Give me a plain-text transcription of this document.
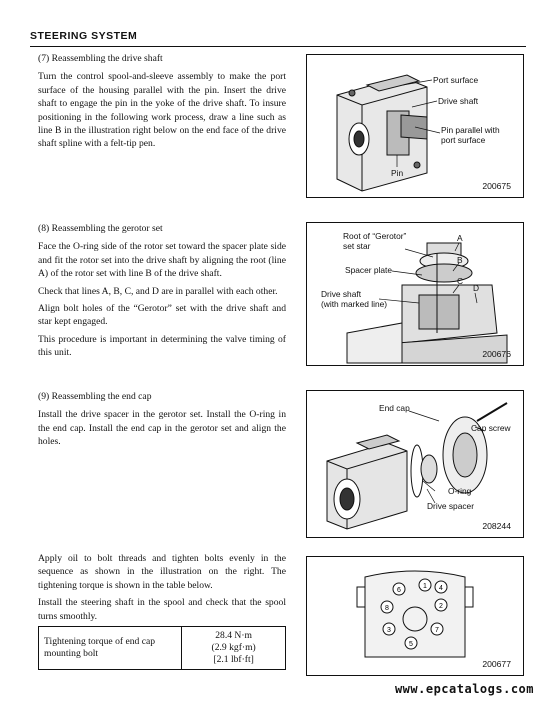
STEERING SYSTEM

(7) Reassembling the drive shaft

Turn the control spool-and-sleeve assembly to make the port surface of the housing parallel with the pin. Insert the drive shaft to engage the pin in the yoke of the drive shaft. To insure positioning in the following work process, draw a line such as line B in the illustration right below on the end face of the drive shaft spline with a felt-tip pen.

Port surface
Drive shaft
Pin parallel with
port surface
Pin
200675

(8) Reassembling the gerotor set

Face the O-ring side of the rotor set toward the spacer plate side and fit the rotor set into the drive shaft by aligning the root (line A) of the rotor set with line B of the drive shaft.

Check that lines A, B, C, and D are in parallel with each other.

Align bolt holes of the “Gerotor” set with the drive shaft and star kept engaged.

This procedure is important in determining the valve timing of this unit.

Root of “Gerotor”
set star
A
Spacer plate
B
C
Drive shaft
(with marked line)
D
200676

(9) Reassembling the end cap

Install the drive spacer in the gerotor set. Install the O-ring in the end cap. Install the end cap in the gerotor set and align the holes.

End cap
Cap screw
O-ring
Drive spacer
208244

Apply oil to bolt threads and tighten bolts evenly in the sequence as shown in the illustration on the right. The tightening torque is shown in the table below.

Install the steering shaft in the spool and check that the spool turns smoothly.

Tightening torque of end cap mounting bolt	
28.4 N·m
(2.9 kgf·m)
[2.1 lbf·ft]
1
2
3
4
5
6
7
8
200677
www.epcatalogs.com
